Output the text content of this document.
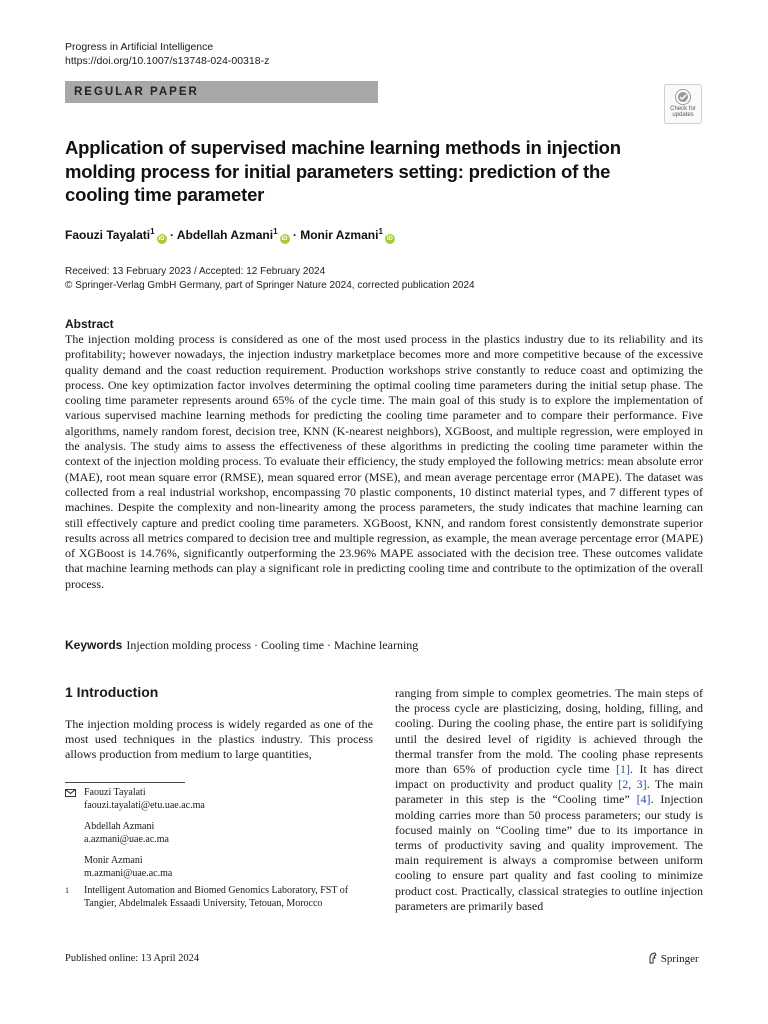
Progress in Artificial Intelligence
https://doi.org/10.1007/s13748-024-00318-z
REGULAR PAPER
Check for
updates
Application of supervised machine learning methods in injection molding process for initial parameters setting: prediction of the cooling time parameter
Faouzi Tayalati$^1$iD · Abdellah Azmani$^1$iD · Monir Azmani$^1$iD
Received: 13 February 2023 / Accepted: 12 February 2024
© Springer-Verlag GmbH Germany, part of Springer Nature 2024, corrected publication 2024
Abstract
The injection molding process is considered as one of the most used process in the plastics industry due to its reliability and its profitability; however nowadays, the injection industry marketplace becomes more and more competitive because of the excessive quality demand and the coast reduction requirement. Production workshops strive constantly to reduce coast and optimizing the process. One key optimization factor involves determining the optimal cooling time parameters during the initial setup phase. The cooling time parameter represents around 65% of the cycle time. The main goal of this study is to explore the implementation of various supervised machine learning methods for predicting the cooling time parameter and to compare their performance. Five algorithms, namely random forest, decision tree, KNN (K-nearest neighbors), XGBoost, and multiple regression, were employed in the analysis. The study aims to assess the effectiveness of these algorithms in predicting the cooling time parameter within the context of the injection molding process. To evaluate their efficiency, the study employed the following metrics: mean absolute error (MAE), root mean square error (RMSE), mean squared error (MSE), and mean average percentage error (MAPE). The dataset was collected from a real industrial workshop, encompassing 70 plastic components, 10 distinct material types, and 7 different types of machines. Despite the complexity and non-linearity among the process parameters, the study indicates that machine learning can still effectively capture and predict cooling time parameters. XGBoost, KNN, and random forest consistently demonstrate superior results across all metrics compared to decision tree and multiple regression, as example, the mean average percentage error (MAPE) of XGBoost is 14.76%, significantly outperforming the 23.96% MAPE associated with the decision tree. These outcomes validate that machine learning methods can play a significant role in predicting cooling time and contribute to the optimization of the overall process.
Keywords Injection molding process · Cooling time · Machine learning
1 Introduction
The injection molding process is widely regarded as one of the most used techniques in the plastics industry. This process allows production from medium to large quantities,
ranging from simple to complex geometries. The main steps of the process cycle are plasticizing, dosing, holding, filling, and cooling. During the cooling phase, the entire part is solidifying until the desired level of rigidity is achieved through the thermal transfer from the mold. The cooling phase represents more than 65% of production cycle time [1]. It has direct impact on productivity and product quality [2, 3]. The main parameter in this step is the “Cooling time” [4]. Injection molding carries more than 50 process parameters; our study is focused mainly on “Cooling time” due to its importance in terms of productivity saving and quality improvement. The main requirement is always a compromise between uniform cooling to ensure part quality and fast cooling to minimize product cost. Practically, classical strategies to outline injection parameters are primarily based
Faouzi Tayalati
faouzi.tayalati@etu.uae.ac.ma
Abdellah Azmani
a.azmani@uae.ac.ma
Monir Azmani
m.azmani@uae.ac.ma
1 Intelligent Automation and Biomed Genomics Laboratory, FST of Tangier, Abdelmalek Essaadi University, Tetouan, Morocco
Published online: 13 April 2024	Springer
